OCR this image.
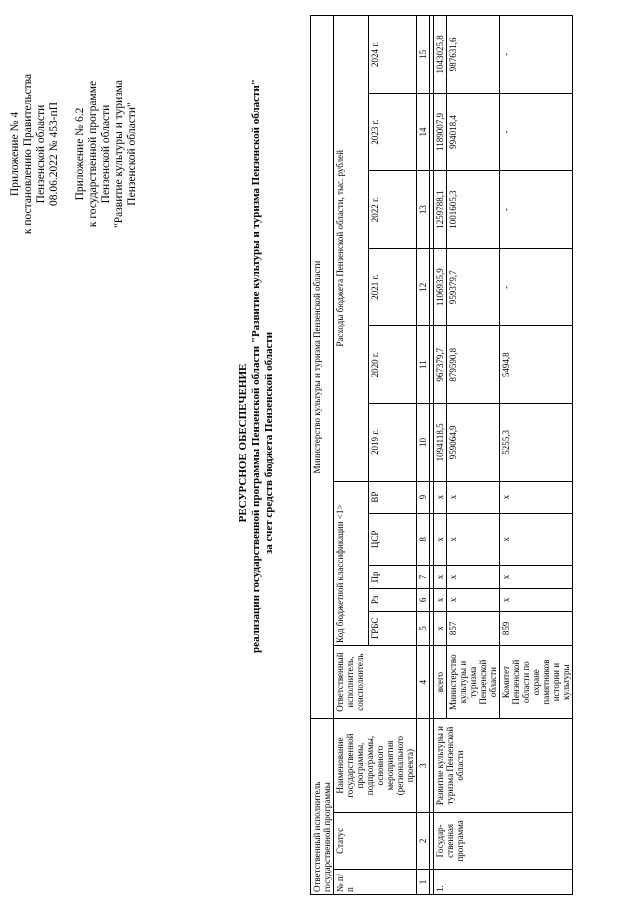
Приложение № 4 к постановлению Правительства Пензенской области 08.06.2022 № 453-пП Приложение № 6.2 к государственной программе Пензенской области "Развитие культуры и туризма Пензенской области"
РЕСУРСНОЕ ОБЕСПЕЧЕНИЕ реализации государственной программы Пензенской области "Развитие культуры и туризма Пензенской области" за счет средств бюджета Пензенской области
Ответственный исполнитель государственной программы			Министерство культуры и туризма Пензенской области											
№ п/п	Статус	Наименование государственной программы, подпрограммы, основного мероприятия (регионального проекта)	Ответственный исполнитель, соисполнитель	Код бюджетной классификации <1>					Расходы бюджета Пензенской области, тыс. рублей					
				ГРБС	Рз	Пр	ЦСР	ВР	2019 г.	2020 г.	2021 г.	2022 г.	2023 г.	2024 г.
1	2	3	4	5	6	7	8	9	10	11	12	13	14	15

1.	Государ-ственная программа	Развитие культуры и туризма Пензенской области	всего	х	х	х	х	х	1094118,5	967379,7	1106935,9	1259788,1	1189007,9	1043025,8
			Министерство культуры и туризма Пензенской области	857	х	х	х	х	959064,9	879590,8	959379,7	1001605,3	994018,4	987631,6
			Комитет Пензенской области по охране памятников истории и культуры	859	х	х	х	х	5255,3	5494,8	-	-	-	-
